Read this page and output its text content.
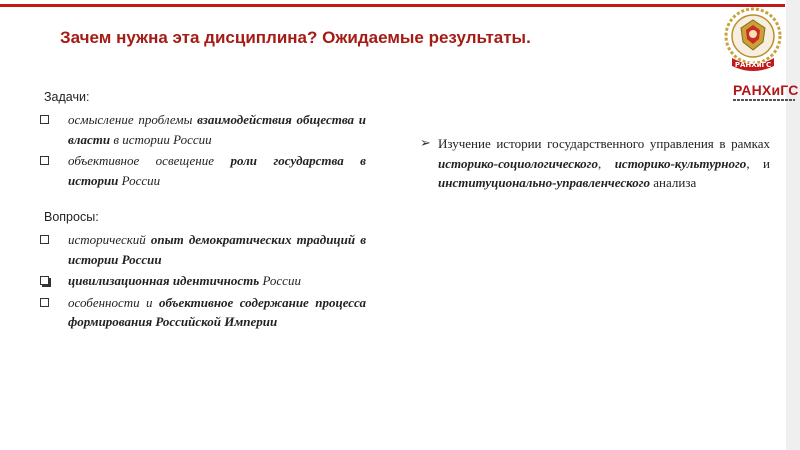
Зачем нужна эта дисциплина? Ожидаемые результаты.
РАНХиГС
РАНХиГС
Задачи:
осмысление проблемы взаимодействия общества и власти в истории России
объективное освещение роли государства в истории России
Вопросы:
исторический опыт демократических традиций в истории России
цивилизационная идентичность России
особенности и объективное содержание процесса формирования Российской Империи
➢ Изучение истории государственного управления в рамках историко-социологического, историко-культурного, и институционально-управленческого анализа
